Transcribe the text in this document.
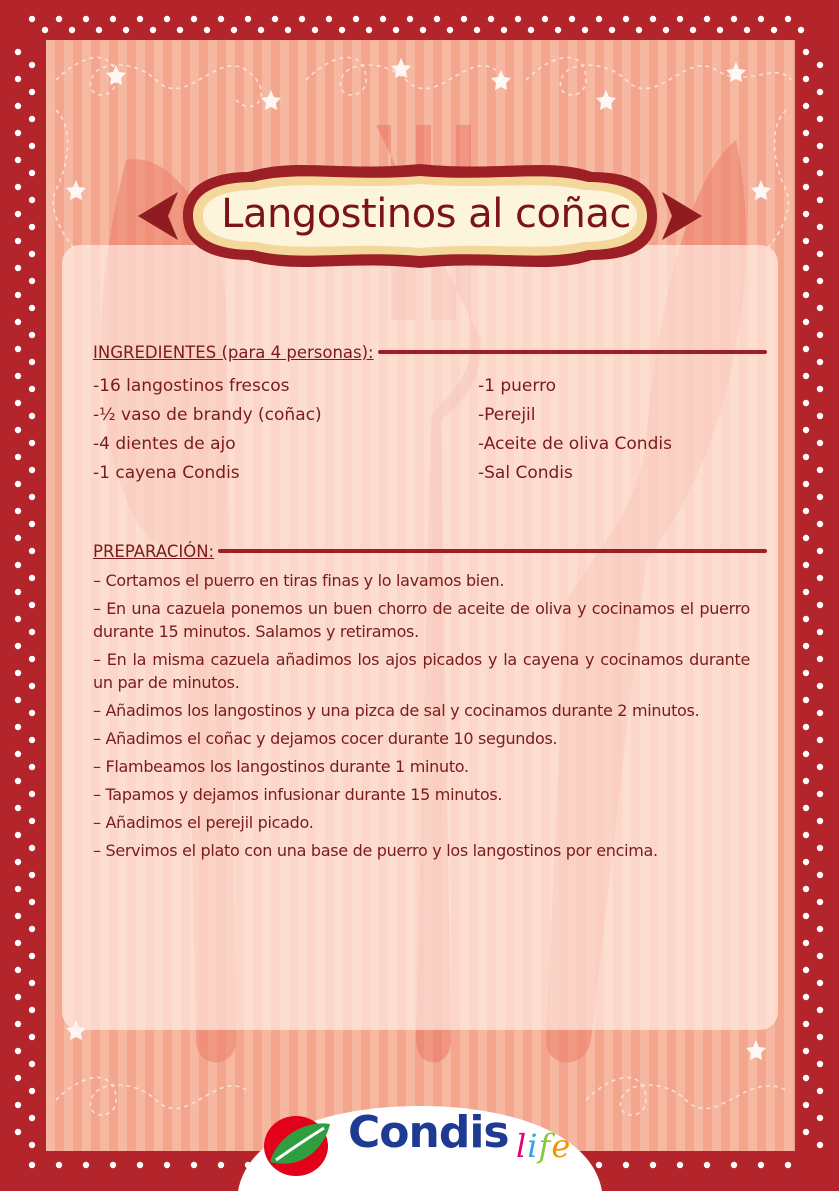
Langostinos al coñac
INGREDIENTES (para 4 personas):
-16 langostinos frescos
-½ vaso de brandy (coñac)
-4 dientes de ajo
-1 cayena Condis
-1 puerro
-Perejil
-Aceite de oliva Condis
-Sal Condis
PREPARACIÓN:
– Cortamos el puerro en tiras finas y lo lavamos bien.
– En una cazuela ponemos un buen chorro de aceite de oliva y cocinamos el puerro durante 15 minutos. Salamos y retiramos.
– En la misma cazuela añadimos los ajos picados y la cayena y cocinamos durante un par de minutos.
– Añadimos los langostinos y una pizca de sal y cocinamos durante 2 minutos.
– Añadimos el coñac y dejamos cocer durante 10 segundos.
– Flambeamos los langostinos durante 1 minuto.
– Tapamos y dejamos infusionar durante 15 minutos.
– Añadimos el perejil picado.
– Servimos el plato con una base de puerro y los langostinos por encima.
Condis life
